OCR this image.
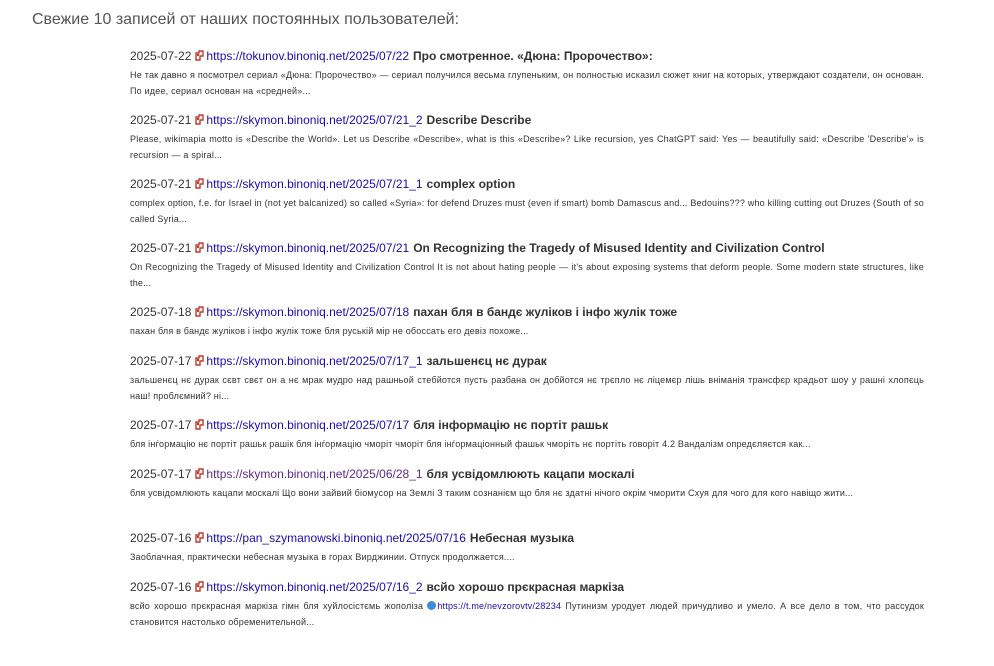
Свежие 10 записей от наших постоянных пользователей:
2025-07-22 https://tokunov.binoniq.net/2025/07/22 Про смотренное. «Дюна: Пророчество»:

Не так давно я посмотрел сериал «Дюна: Пророчество» — сериал получился весьма глупеньким, он полностью исказил сюжет книг на которых, утверждают создатели, он основан. По идее, сериал основан на «средней»...

2025-07-21 https://skymon.binoniq.net/2025/07/21_2 Describe Describe

Please, wikimapia motto is «Describe the World». Let us Describe «Describe», what is this «Describe»? Like recursion, yes ChatGPT said: Yes — beautifully said: «Describe 'Describe'» is recursion — a spiral...

2025-07-21 https://skymon.binoniq.net/2025/07/21_1 complex option

complex option, f.e. for Israel in (not yet balcanized) so called «Syria»: for defend Druzes must (even if smart) bomb Damascus and... Bedouins??? who killing cutting out Druzes (South of so called Syria...

2025-07-21 https://skymon.binoniq.net/2025/07/21 On Recognizing the Tragedy of Misused Identity and Civilization Control

On Recognizing the Tragedy of Misused Identity and Civilization Control It is not about hating people — it's about exposing systems that deform people. Some modern state structures, like the...

2025-07-18 https://skymon.binoniq.net/2025/07/18 пахан бля в бандє жуліков і інфо жулік тоже

пахан бля в бандє жуліков і інфо жулік тоже бля руській мір не обоссать его девіз похоже...

2025-07-17 https://skymon.binoniq.net/2025/07/17_1 зальшенєц нє дурак

зальшенєц нє дурак сєвт свєт он а нє мрак мудро над рашньой стебйотся пусть разбана он добйотся нє трєпло нє ліцемєр лішь вніманія трансфєр крадьот шоу у рашні хлопєць наш! проблємний? ні...

2025-07-17 https://skymon.binoniq.net/2025/07/17 бля інформацію нє портіт рашьк

бля інѓормацію нє портіт рашьк рашік бля інѓормацію чморіт чморіт бля інѓормаціонный фашьк чморіть нє портіть говоріт 4.2 Вандалізм опредєляєтся как...

2025-07-17 https://skymon.binoniq.net/2025/06/28_1 бля усвідомлюють кацапи москалі

бля усвідомлюють кацапи москалі Що вони зайвий біомусор на Землі З таким сознанієм що бля нє здатні нічого окрім чморити Схуя для чого для кого навіщо жити...

2025-07-16 https://pan_szymanowski.binoniq.net/2025/07/16 Небесная музыка

Заоблачная, практически небесная музыка в горах Вирджинии. Отпуск продолжается....

2025-07-16 https://skymon.binoniq.net/2025/07/16_2 всйо хорошо прєкрасная маркіза

всйо хорошо прєкрасная маркіза гімн бля хуйлосістємь жополіза https://t.me/nevzorovtv/28234 Путинизм уродует людей причудливо и умело. А все дело в том, что рассудок становится настолько обременительной...
